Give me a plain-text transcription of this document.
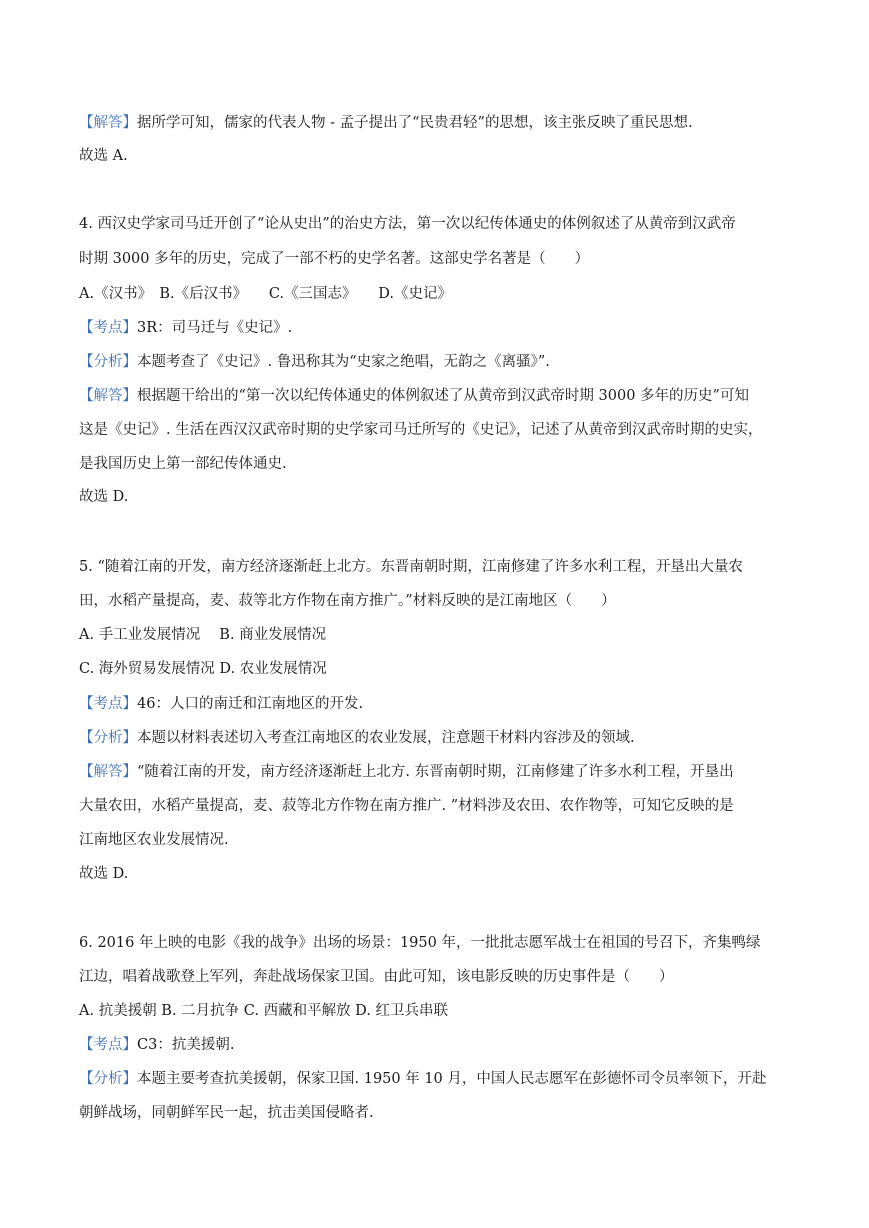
【解答】据所学可知，儒家的代表人物 - 孟子提出了“民贵君轻”的思想，该主张反映了重民思想.
故选 A.
4. 西汉史学家司马迁开创了“论从史出”的治史方法，第一次以纪传体通史的体例叙述了从黄帝到汉武帝
时期 3000 多年的历史，完成了一部不朽的史学名著。这部史学名著是（　　）
A.《汉书》　B.《后汉书》　　C.《三国志》　　D.《史记》
【考点】3R：司马迁与《史记》.
【分析】本题考查了《史记》. 鲁迅称其为“史家之绝唱，无韵之《离骚》”.
【解答】根据题干给出的“第一次以纪传体通史的体例叙述了从黄帝到汉武帝时期 3000 多年的历史”可知
这是《史记》. 生活在西汉汉武帝时期的史学家司马迁所写的《史记》，记述了从黄帝到汉武帝时期的史实，
是我国历史上第一部纪传体通史.
故选 D.
5. “随着江南的开发，南方经济逐渐赶上北方。东晋南朝时期，江南修建了许多水利工程，开垦出大量农
田，水稻产量提高，麦、菽等北方作物在南方推广。”材料反映的是江南地区（　　）
A. 手工业发展情况　 B. 商业发展情况
C. 海外贸易发展情况 D. 农业发展情况
【考点】46：人口的南迁和江南地区的开发.
【分析】本题以材料表述切入考查江南地区的农业发展，注意题干材料内容涉及的领域.
【解答】“随着江南的开发，南方经济逐渐赶上北方. 东晋南朝时期，江南修建了许多水利工程，开垦出
大量农田，水稻产量提高，麦、菽等北方作物在南方推广. ”材料涉及农田、农作物等，可知它反映的是
江南地区农业发展情况.
故选 D.
6. 2016 年上映的电影《我的战争》出场的场景：1950 年，一批批志愿军战士在祖国的号召下，齐集鸭绿
江边，唱着战歌登上军列，奔赴战场保家卫国。由此可知，该电影反映的历史事件是（　　）
A. 抗美援朝 B. 二月抗争 C. 西藏和平解放 D. 红卫兵串联
【考点】C3：抗美援朝.
【分析】本题主要考查抗美援朝，保家卫国. 1950 年 10 月，中国人民志愿军在彭德怀司令员率领下，开赴
朝鲜战场，同朝鲜军民一起，抗击美国侵略者.
